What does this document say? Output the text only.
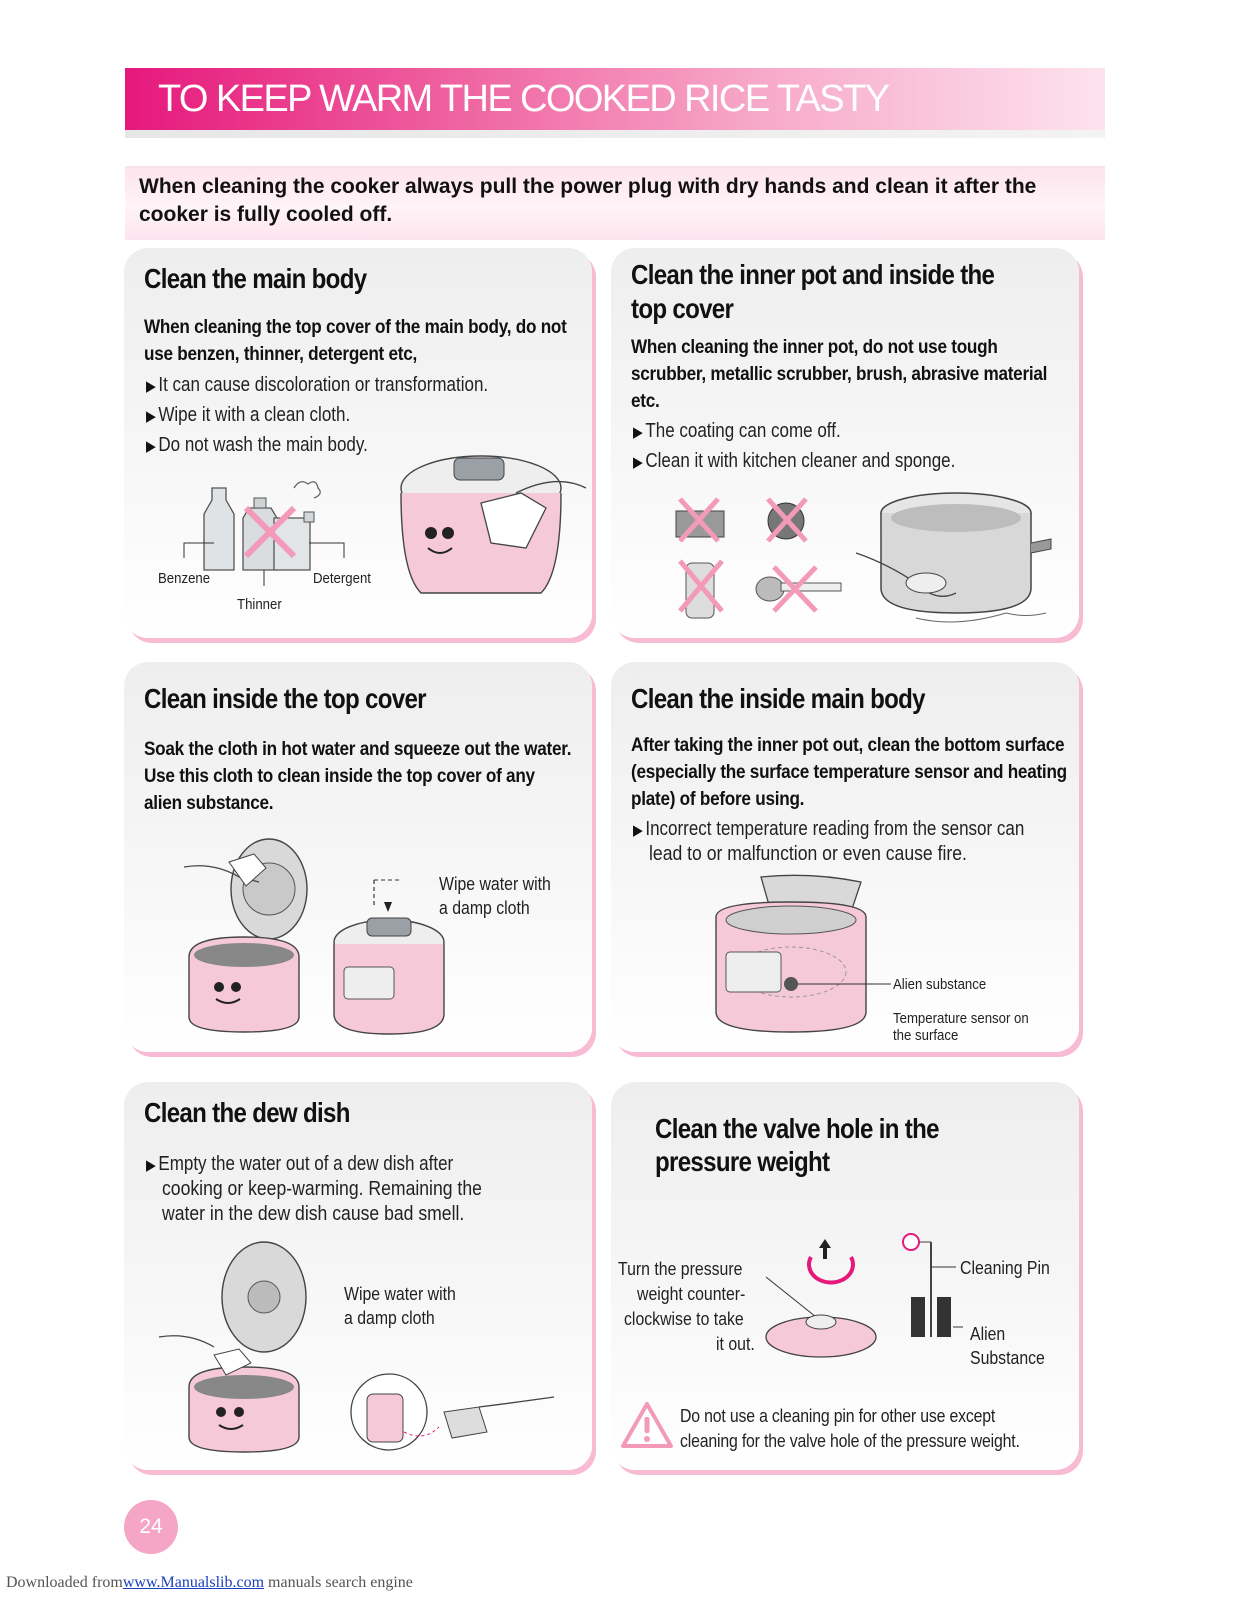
TO KEEP WARM THE COOKED RICE TASTY
When cleaning the cooker always pull the power plug with dry hands and clean it after the cooker is fully cooled off.
Clean the main body
When cleaning the top cover of the main body, do not use benzen, thinner, detergent etc,
▶ It can cause discoloration or transformation.
▶ Wipe it with a clean cloth.
▶ Do not wash the main body.
Benzene	Detergent
Thinner
Clean the inner pot and inside the
top cover
When cleaning the inner pot, do not use tough scrubber, metallic scrubber, brush, abrasive material etc.
▶ The coating can come off.
▶ Clean it with kitchen cleaner and sponge.
Clean inside the top cover
Soak the cloth in hot water and squeeze out the water. Use this cloth to clean inside the top cover of any alien substance.
Wipe water with
a damp cloth
Clean the inside main body
After taking the inner pot out, clean the bottom surface (especially the surface temperature sensor and heating plate) of before using.
▶ Incorrect temperature reading from the sensor can
lead to or malfunction or even cause fire.
Alien substance
Temperature sensor on
the surface
Clean the dew dish
▶ Empty the water out of a dew dish after
cooking or keep-warming. Remaining the
water in the dew dish cause bad smell.
Wipe water with
a damp cloth
Clean the valve hole in the
pressure weight
Turn the pressure
weight counter-
clockwise to take
it out.
Cleaning Pin
Alien
Substance
Do not use a cleaning pin for other use except
cleaning for the valve hole of the pressure weight.
24
Downloaded fromwww.Manualslib.com manuals search engine
